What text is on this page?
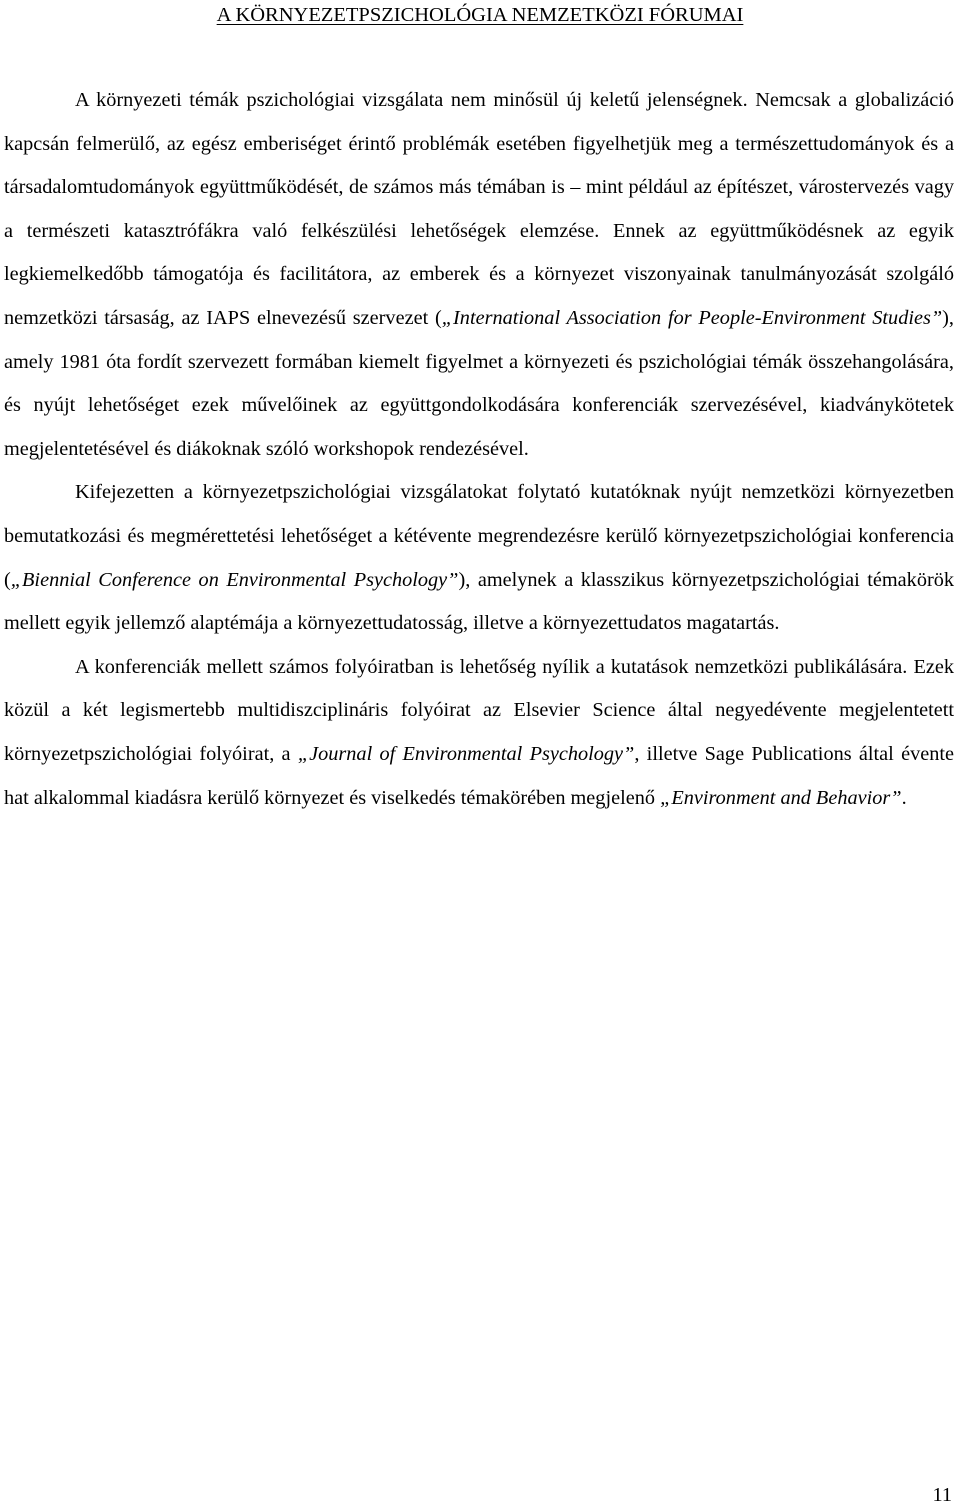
A KÖRNYEZETPSZICHOLÓGIA NEMZETKÖZI FÓRUMAI

A környezeti témák pszichológiai vizsgálata nem minősül új keletű jelenségnek. Nemcsak a globalizáció kapcsán felmerülő, az egész emberiséget érintő problémák esetében figyelhetjük meg a természettudományok és a társadalomtudományok együttműködését, de számos más témában is – mint például az építészet, várostervezés vagy a természeti katasztrófákra való felkészülési lehetőségek elemzése. Ennek az együttműködésnek az egyik legkiemelkedőbb támogatója és facilitátora, az emberek és a környezet viszonyainak tanulmányozását szolgáló nemzetközi társaság, az IAPS elnevezésű szervezet („International Association for People-Environment Studies”), amely 1981 óta fordít szervezett formában kiemelt figyelmet a környezeti és pszichológiai témák összehangolására, és nyújt lehetőséget ezek művelőinek az együttgondolkodására konferenciák szervezésével, kiadványkötetek megjelentetésével és diákoknak szóló workshopok rendezésével.

Kifejezetten a környezetpszichológiai vizsgálatokat folytató kutatóknak nyújt nemzetközi környezetben bemutatkozási és megmérettetési lehetőséget a kétévente megrendezésre kerülő környezetpszichológiai konferencia („Biennial Conference on Environmental Psychology”), amelynek a klasszikus környezetpszichológiai témakörök mellett egyik jellemző alaptémája a környezettudatosság, illetve a környezettudatos magatartás.

A konferenciák mellett számos folyóiratban is lehetőség nyílik a kutatások nemzetközi publikálására. Ezek közül a két legismertebb multidiszciplináris folyóirat az Elsevier Science által negyedévente megjelentetett környezetpszichológiai folyóirat, a „Journal of Environmental Psychology”, illetve Sage Publications által évente hat alkalommal kiadásra kerülő környezet és viselkedés témakörében megjelenő „Environment and Behavior”.

11
